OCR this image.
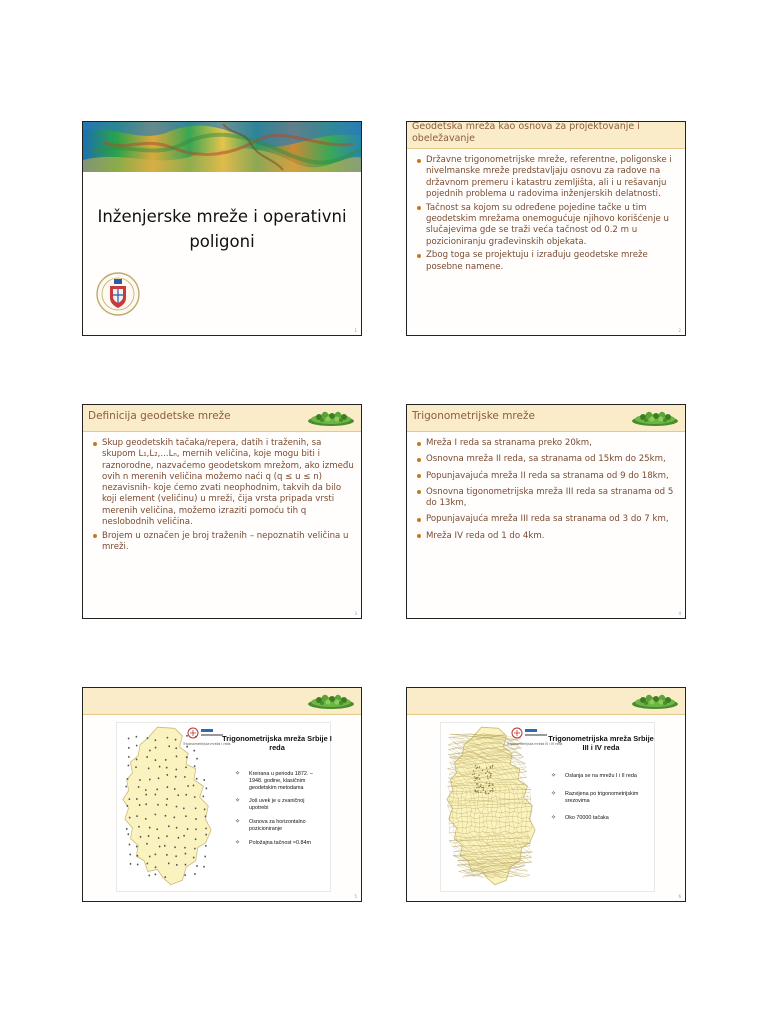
Inženjerske mreže i operativni poligoni
1
Geodetska mreža kao osnova za projektovanje i obeležavanje
Državne trigonometrijske mreže, referentne, poligonske i nivelmanske mreže predstavljaju osnovu za radove na državnom premeru i katastru zemljišta, ali i u rešavanju pojednih problema u radovima inženjerskih delatnosti.
Tačnost sa kojom su određene pojedine tačke u tim geodetskim mrežama onemogućuje njihovo korišćenje u slučajevima gde se traži veća tačnost od 0.2 m u pozicioniranju građevinskih objekata.
Zbog toga se projektuju i izrađuju geodetske mreže posebne namene.
2
Definicija geodetske mreže
Skup geodetskih tačaka/repera, datih i traženih, sa skupom L₁,L₂,...Lₙ, mernih veličina, koje mogu biti i raznorodne, nazvaćemo geodetskom mrežom, ako između ovih n merenih veličina možemo naći q (q ≤ u ≤ n) nezavisnih- koje ćemo zvati neophodnim, takvih da bilo koji element (veličinu) u mreži, čija vrsta pripada vrsti merenih veličina, možemo izraziti pomoću tih q neslobodnih veličina.
Brojem u označen je broj traženih – nepoznatih veličina u mreži.
3
Trigonometrijske mreže
Mreža I reda sa stranama preko 20km,
Osnovna mreža II reda, sa stranama od 15km do 25km,
Popunjavajuća mreža II reda sa stranama od 9 do 18km,
Osnovna tigonometrijska mreža III reda sa stranama od 5 do 13km,
Popunjavajuća mreža III reda sa stranama od 3 do 7 km,
Mreža IV reda od 1 do 4km.
4
Trigonometrijska mreža I reda
Trigonometrijska mreža Srbije I reda
✧ Kreirana u periodu 1872. – 1948. godine, klasičnim geodetskim metodama
✧ Još uvek je u zvaničnoj upotrebi
✧ Osnova za horizontalno pozicioniranje
✧ Položajna tačnost ≈0.84m
5
Trigonometrijska mreža III i IV reda
Trigonometrijska mreža Srbije III i IV reda
✧ Oslanja se na mrežu I i II reda
✧ Razvijena po trigonometrijskim srezovima
✧ Oko 70000 tačaka
6
